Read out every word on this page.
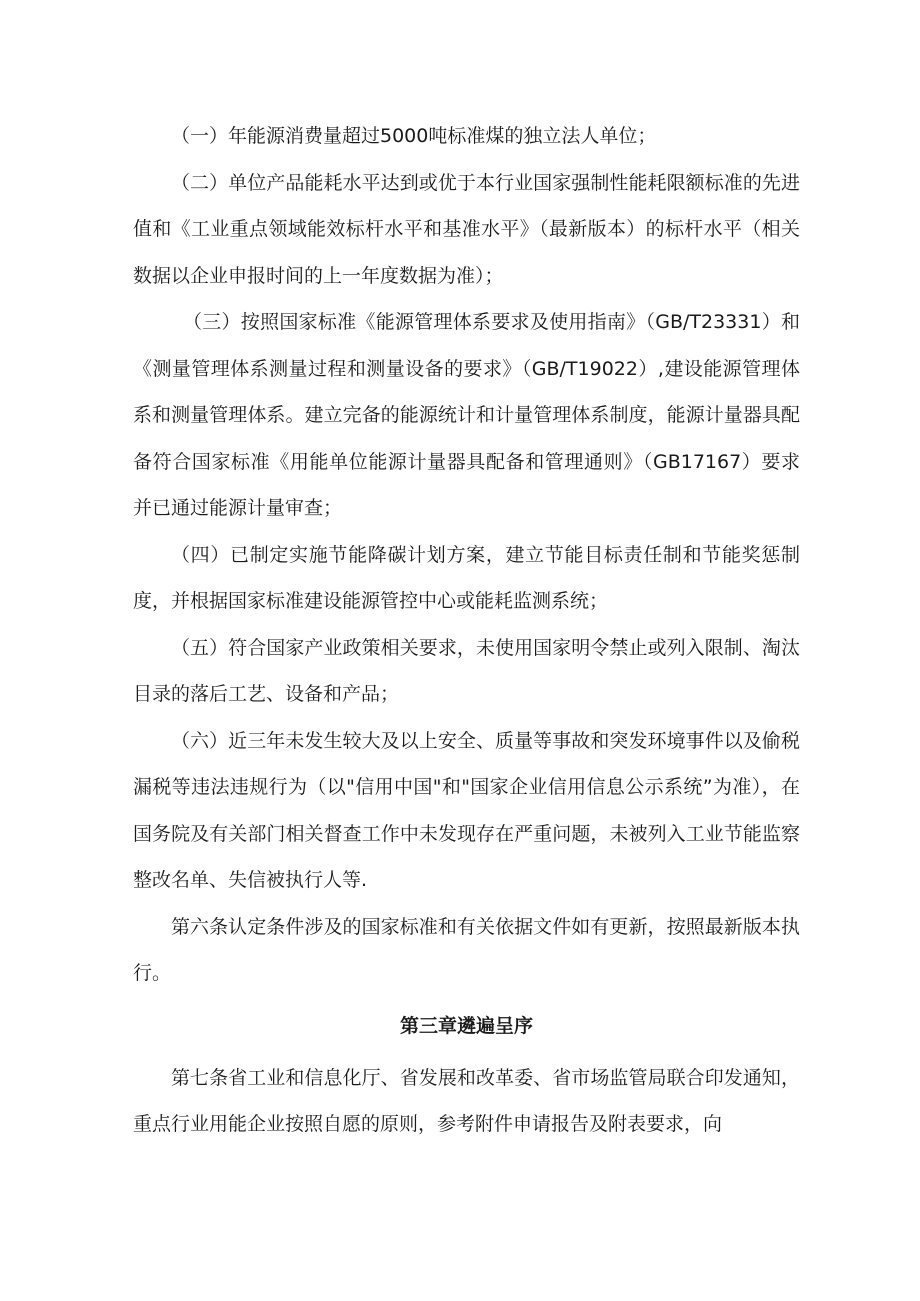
（一）年能源消费量超过5000吨标准煤的独立法人单位；

（二）单位产品能耗水平达到或优于本行业国家强制性能耗限额标准的先进值和《工业重点领域能效标杆水平和基准水平》（最新版本）的标杆水平（相关数据以企业申报时间的上一年度数据为准）；

（三）按照国家标准《能源管理体系要求及使用指南》（GB/T23331）和《测量管理体系测量过程和测量设备的要求》（GB/T19022）,建设能源管理体系和测量管理体系。建立完备的能源统计和计量管理体系制度，能源计量器具配备符合国家标准《用能单位能源计量器具配备和管理通则》（GB17167）要求并已通过能源计量审查；

（四）已制定实施节能降碳计划方案，建立节能目标责任制和节能奖惩制度，并根据国家标准建设能源管控中心或能耗监测系统；

（五）符合国家产业政策相关要求，未使用国家明令禁止或列入限制、淘汰目录的落后工艺、设备和产品；

（六）近三年未发生较大及以上安全、质量等事故和突发环境事件以及偷税漏税等违法违规行为（以"信用中国"和"国家企业信用信息公示系统”为准），在国务院及有关部门相关督查工作中未发现存在严重问题，未被列入工业节能监察整改名单、失信被执行人等.

第六条认定条件涉及的国家标准和有关依据文件如有更新，按照最新版本执行。

第三章遴遍呈序

第七条省工业和信息化厅、省发展和改革委、省市场监管局联合印发通知，重点行业用能企业按照自愿的原则，参考附件申请报告及附表要求，向
